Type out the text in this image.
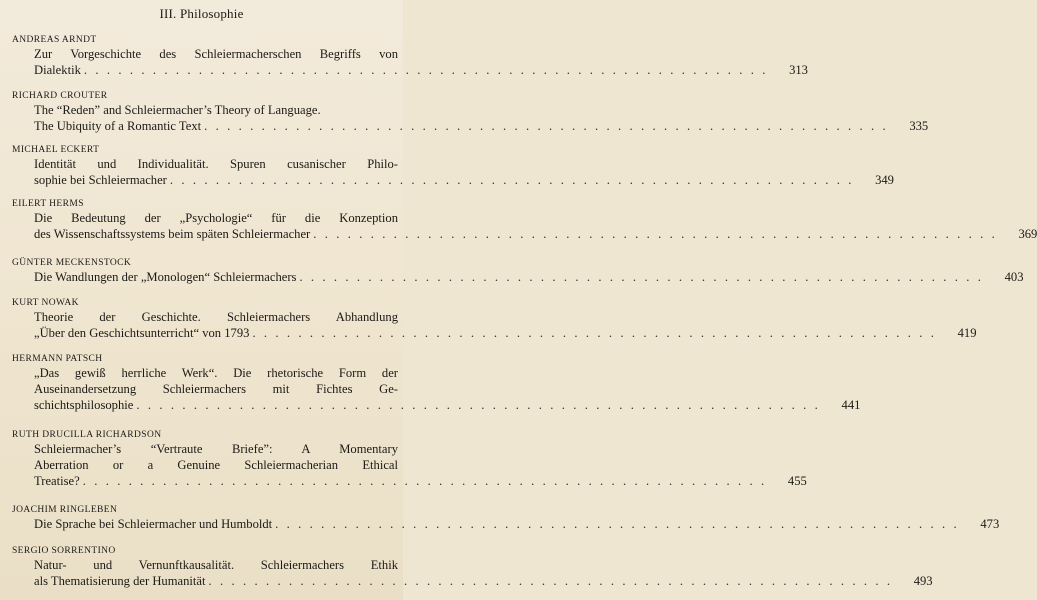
III. Philosophie
ANDREAS ARNDT
Zur Vorgeschichte des Schleiermacherschen Begriffs von
Dialektik . . . . . . . . . . . . . . . . . . . . . . . . . . . . . . . . . . . . . . . . . . . . . . . . . . . . . . . . . . . .	313
RICHARD CROUTER
The “Reden” and Schleiermacher’s Theory of Language.
The Ubiquity of a Romantic Text . . . . . . . . . . . . . . . . . . . . . . . . . . . . . . . . . . . . . . . . . . . . . . . . . . . . . . . . . . . .	335
MICHAEL ECKERT
Identität und Individualität. Spuren cusanischer Philo-
sophie bei Schleiermacher . . . . . . . . . . . . . . . . . . . . . . . . . . . . . . . . . . . . . . . . . . . . . . . . . . . . . . . . . . . .	349
EILERT HERMS
Die Bedeutung der „Psychologie“ für die Konzeption
des Wissenschaftssystems beim späten Schleiermacher . . . . . . . . . . . . . . . . . . . . . . . . . . . . . . . . . . . . . . . . . . . . . . . . . . . . . . . . . . . .	369
GÜNTER MECKENSTOCK
Die Wandlungen der „Monologen“ Schleiermachers . . . . . . . . . . . . . . . . . . . . . . . . . . . . . . . . . . . . . . . . . . . . . . . . . . . . . . . . . . . .	403
KURT NOWAK
Theorie der Geschichte. Schleiermachers Abhandlung
„Über den Geschichtsunterricht“ von 1793 . . . . . . . . . . . . . . . . . . . . . . . . . . . . . . . . . . . . . . . . . . . . . . . . . . . . . . . . . . . .	419
HERMANN PATSCH
„Das gewiß herrliche Werk“. Die rhetorische Form der
Auseinandersetzung Schleiermachers mit Fichtes Ge-
schichtsphilosophie . . . . . . . . . . . . . . . . . . . . . . . . . . . . . . . . . . . . . . . . . . . . . . . . . . . . . . . . . . . .	441
RUTH DRUCILLA RICHARDSON
Schleiermacher’s “Vertraute Briefe”: A Momentary
Aberration or a Genuine Schleiermacherian Ethical
Treatise? . . . . . . . . . . . . . . . . . . . . . . . . . . . . . . . . . . . . . . . . . . . . . . . . . . . . . . . . . . . .	455
JOACHIM RINGLEBEN
Die Sprache bei Schleiermacher und Humboldt . . . . . . . . . . . . . . . . . . . . . . . . . . . . . . . . . . . . . . . . . . . . . . . . . . . . . . . . . . . .	473
SERGIO SORRENTINO
Natur- und Vernunftkausalität. Schleiermachers Ethik
als Thematisierung der Humanität . . . . . . . . . . . . . . . . . . . . . . . . . . . . . . . . . . . . . . . . . . . . . . . . . . . . . . . . . . . .	493
